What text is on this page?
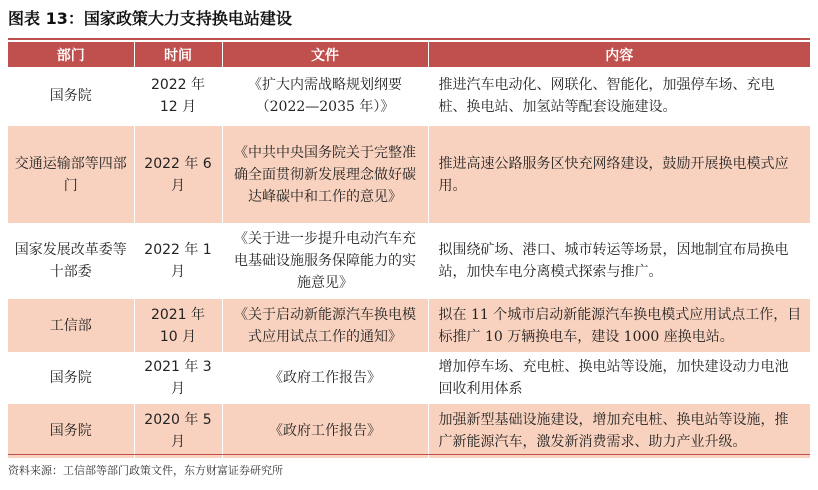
图表 13：国家政策大力支持换电站建设
部门	时间	文件	内容
国务院	2022 年 12 月	《扩大内需战略规划纲要（2022—2035 年）》	推进汽车电动化、网联化、智能化，加强停车场、充电桩、换电站、加氢站等配套设施建设。
交通运输部等四部门	2022 年 6 月	《中共中央国务院关于完整准确全面贯彻新发展理念做好碳达峰碳中和工作的意见》	推进高速公路服务区快充网络建设，鼓励开展换电模式应用。
国家发展改革委等十部委	2022 年 1 月	《关于进一步提升电动汽车充电基础设施服务保障能力的实施意见》	拟围绕矿场、港口、城市转运等场景，因地制宜布局换电站，加快车电分离模式探索与推广。
工信部	2021 年 10 月	《关于启动新能源汽车换电模式应用试点工作的通知》	拟在 11 个城市启动新能源汽车换电模式应用试点工作，目标推广 10 万辆换电车，建设 1000 座换电站。
国务院	2021 年 3 月	《政府工作报告》	增加停车场、充电桩、换电站等设施，加快建设动力电池回收利用体系
国务院	2020 年 5 月	《政府工作报告》	加强新型基础设施建设，增加充电桩、换电站等设施，推广新能源汽车，激发新消费需求、助力产业升级。
资料来源：工信部等部门政策文件，东方财富证券研究所
